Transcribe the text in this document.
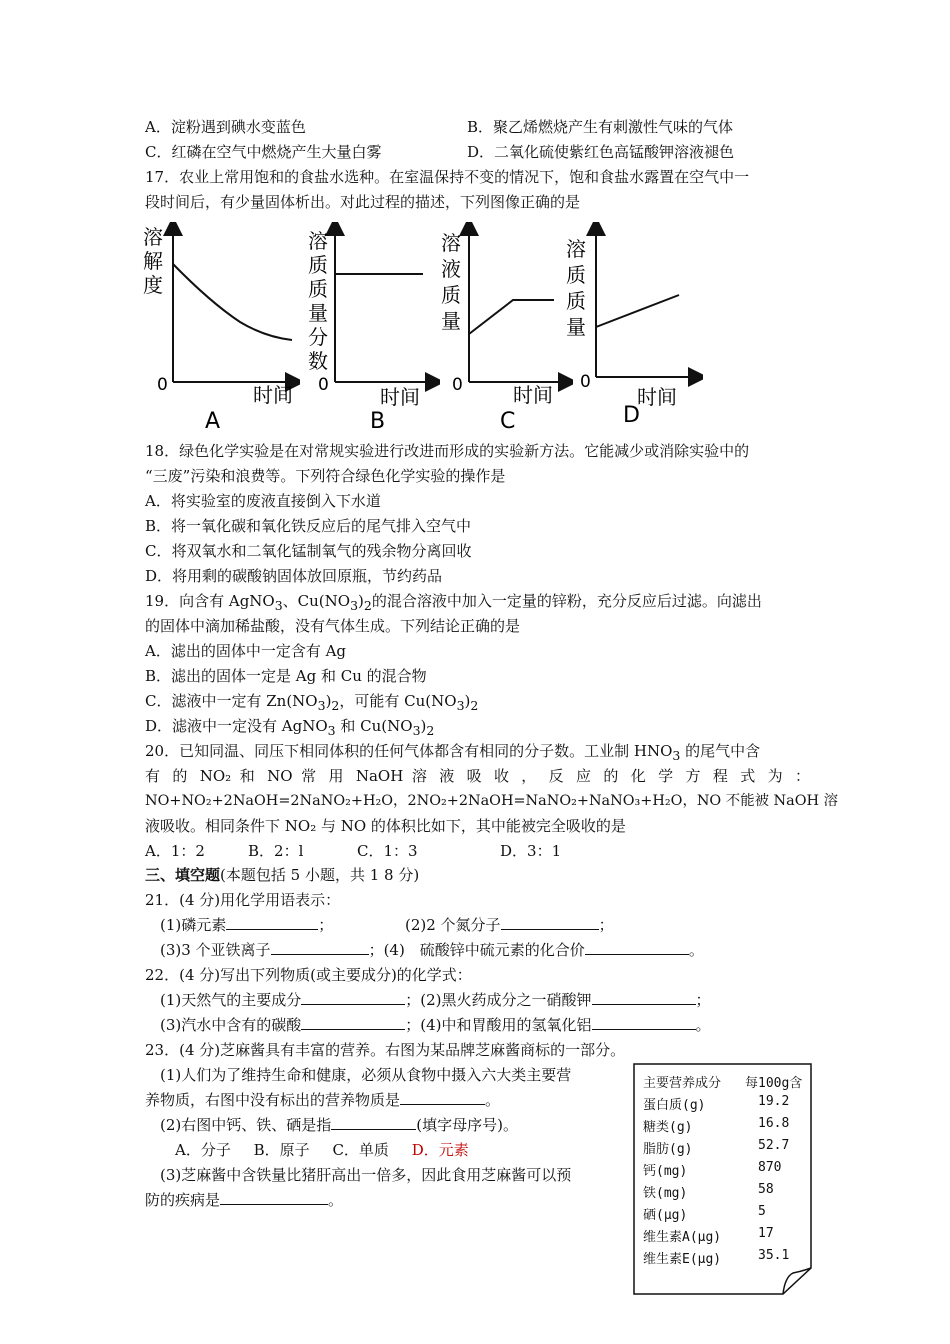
A．淀粉遇到碘水变蓝色	B．聚乙烯燃烧产生有刺激性气味的气体
C．红磷在空气中燃烧产生大量白雾	D．二氧化硫使紫红色高锰酸钾溶液褪色
17．农业上常用饱和的食盐水选种。在室温保持不变的情况下，饱和食盐水露置在空气中一
段时间后，有少量固体析出。对此过程的描述，下列图像正确的是
溶
解
度
0	时间
A
溶
质
质
量
分
数
0	时间
B
溶
液
质
量
0	时间
C
溶
质
质
量
0
时间
D
18．绿色化学实验是在对常规实验进行改进而形成的实验新方法。它能减少或消除实验中的
“三废”污染和浪费等。下列符合绿色化学实验的操作是
A．将实验室的废液直接倒入下水道
B．将一氧化碳和氧化铁反应后的尾气排入空气中
C．将双氧水和二氧化锰制氧气的残余物分离回收
D．将用剩的碳酸钠固体放回原瓶，节约药品
19．向含有 AgNO$_3$、$Cu(NO_3)_2$的混合溶液中加入一定量的锌粉，充分反应后过滤。向滤出
的固体中滴加稀盐酸，没有气体生成。下列结论正确的是
A．滤出的固体中一定含有 Ag
B．滤出的固体一定是 Ag 和 Cu 的混合物
C．滤液中一定有 $Zn(NO_3)_2$，可能有 $Cu(NO_3)_2$
D．滤液中一定没有 AgNO$_3$ 和 $Cu(NO_3)_2$
20．已知同温、同压下相同体积的任何气体都含有相同的分子数。工业制 $HNO_3$ 的尾气中含
有 的 NO₂ 和 NO 常 用 NaOH 溶 液 吸 收 ， 反 应 的 化 学 方 程 式 为 ：
NO+NO₂+2NaOH=2NaNO₂+H₂O，2NO₂+2NaOH=NaNO₂+NaNO₃+H₂O，NO 不能被 NaOH 溶
液吸收。相同条件下 NO₂ 与 NO 的体积比如下，其中能被完全吸收的是
A．1：2	B．2：l	C．1：3	D．3：1
三、填空题(本题包括 5 小题，共 1 8 分)
21．(4 分)用化学用语表示：
(1)磷元素	；	(2)2 个氮分子	；
(3)3 个亚铁离子	；(4)　硫酸锌中硫元素的化合价	。
22．(4 分)写出下列物质(或主要成分)的化学式：
(1)天然气的主要成分	；(2)黑火药成分之一硝酸钾	；
(3)汽水中含有的碳酸	；(4)中和胃酸用的氢氧化铝	。
23．(4 分)芝麻酱具有丰富的营养。右图为某品牌芝麻酱商标的一部分。
(1)人们为了维持生命和健康，必须从食物中摄入六大类主要营
养物质，右图中没有标出的营养物质是	。
(2)右图中钙、铁、硒是指	(填字母序号)。
A．分子 B．原子 C．单质 D．元素
(3)芝麻酱中含铁量比猪肝高出一倍多，因此食用芝麻酱可以预
防的疾病是	。
主要营养成分 每100g含
蛋白质(g)	19.2
糖类(g)	16.8
脂肪(g)	52.7
钙(mg)	870
铁(mg)	58
硒(μg)	5
维生素A(μg)	17
维生素E(μg)	35.1
